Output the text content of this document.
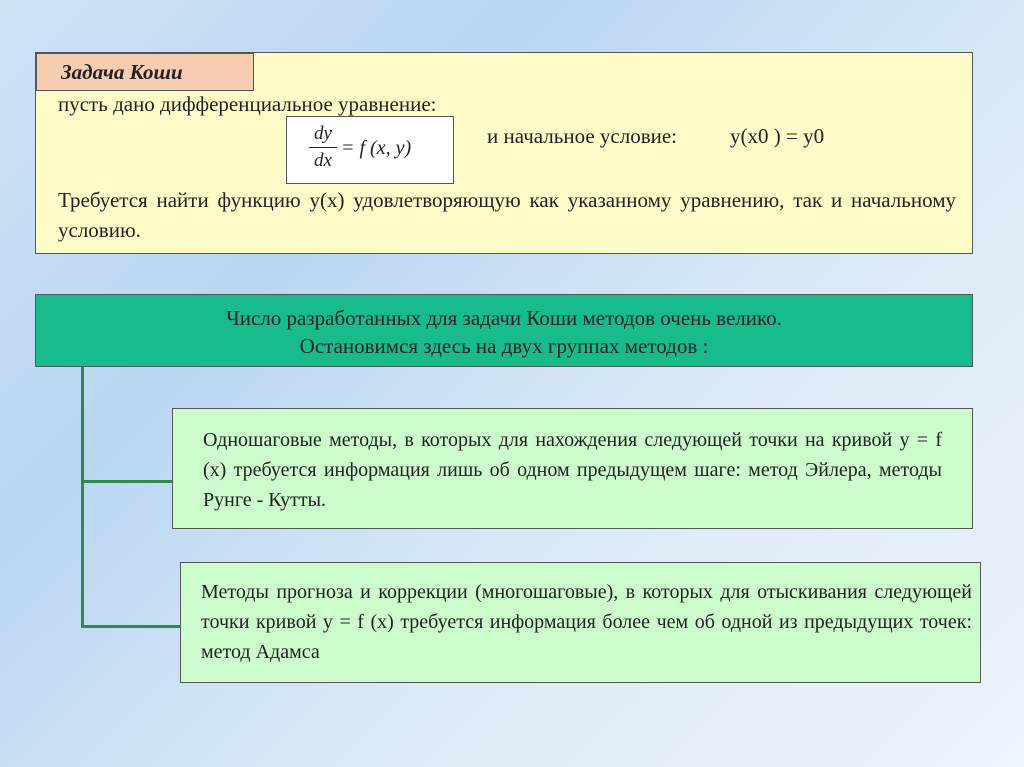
Задача Коши
пусть дано дифференциальное уравнение:
$\frac{dy}{dx} = f$ (x, y)	и начальное условие:	y(x0 ) = y0
Требуется найти функцию y(x) удовлетворяющую как указанному уравнению, так и начальному условию.
Число разработанных для задачи Коши методов очень велико.
Остановимся здесь на двух группах методов :
Одношаговые методы, в которых для нахождения следующей точки на кривой y = f (x) требуется информация лишь об одном предыдущем шаге: метод Эйлера, методы Рунге - Кутты.
Методы прогноза и коррекции (многошаговые), в которых для отыскивания следующей точки кривой y = f (x) требуется информация более чем об одной из предыдущих точек: метод Адамса
